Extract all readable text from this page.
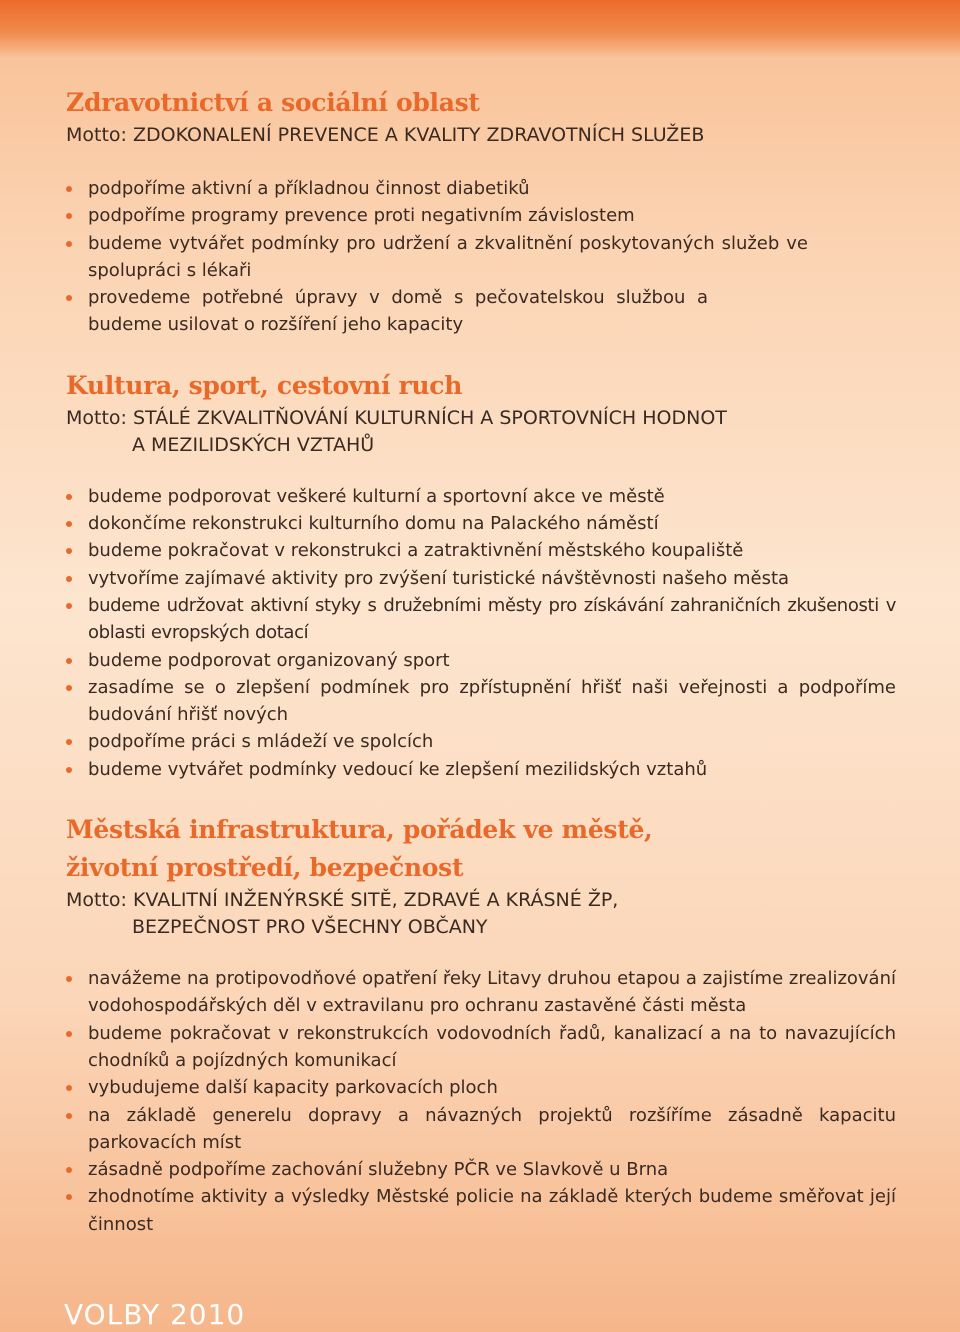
Zdravotnictví a sociální oblast

Motto: ZDOKONALENÍ PREVENCE A KVALITY ZDRAVOTNÍCH SLUŽEB

podpoříme aktivní a příkladnou činnost diabetiků
podpoříme programy prevence proti negativním závislostem
budeme vytvářet podmínky pro udržení a zkvalitnění poskytovaných služeb ve spolupráci s lékaři
provedeme potřebné úpravy v domě s pečovatelskou službou a budeme usilovat o rozšíření jeho kapacity
Kultura, sport, cestovní ruch

Motto: STÁLÉ ZKVALITŇOVÁNÍ KULTURNÍCH A SPORTOVNÍCH HODNOT
A MEZILIDSKÝCH VZTAHŮ

budeme podporovat veškeré kulturní a sportovní akce ve městě
dokončíme rekonstrukci kulturního domu na Palackého náměstí
budeme pokračovat v rekonstrukci a zatraktivnění městského koupaliště
vytvoříme zajímavé aktivity pro zvýšení turistické návštěvnosti našeho města
budeme udržovat aktivní styky s družebními městy pro získávání zahraničních zkušenosti v oblasti evropských dotací
budeme podporovat organizovaný sport
zasadíme se o zlepšení podmínek pro zpřístupnění hřišť naši veřejnosti a podpoříme budování hřišť nových
podpoříme práci s mládeží ve spolcích
budeme vytvářet podmínky vedoucí ke zlepšení mezilidských vztahů
Městská infrastruktura, pořádek ve městě,
životní prostředí, bezpečnost

Motto: KVALITNÍ INŽENÝRSKÉ SITĚ, ZDRAVÉ A KRÁSNÉ ŽP,
BEZPEČNOST PRO VŠECHNY OBČANY

navážeme na protipovodňové opatření řeky Litavy druhou etapou a zajistíme zrealizování vodohospodářských děl v extravilanu pro ochranu zastavěné části města
budeme pokračovat v rekonstrukcích vodovodních řadů, kanalizací a na to navazujících chodníků a pojízdných komunikací
vybudujeme další kapacity parkovacích ploch
na základě generelu dopravy a návazných projektů rozšíříme zásadně kapacitu parkovacích míst
zásadně podpoříme zachování služebny PČR ve Slavkově u Brna
zhodnotíme aktivity a výsledky Městské policie na základě kterých budeme směřovat její činnost
VOLBY 2010
